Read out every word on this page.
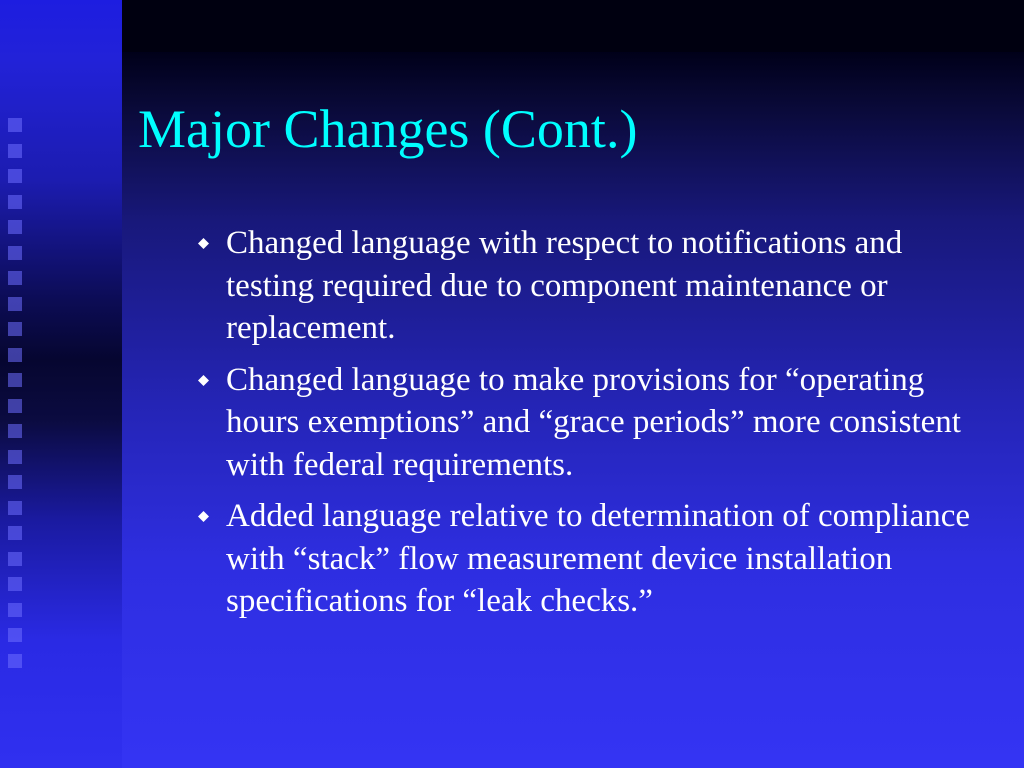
Major Changes (Cont.)
Changed language with respect to notifications and testing required due to component maintenance or replacement.
Changed language to make provisions for “operating hours exemptions” and “grace periods” more consistent with federal requirements.
Added language relative to determination of compliance with “stack” flow measurement device installation specifications for “leak checks.”
